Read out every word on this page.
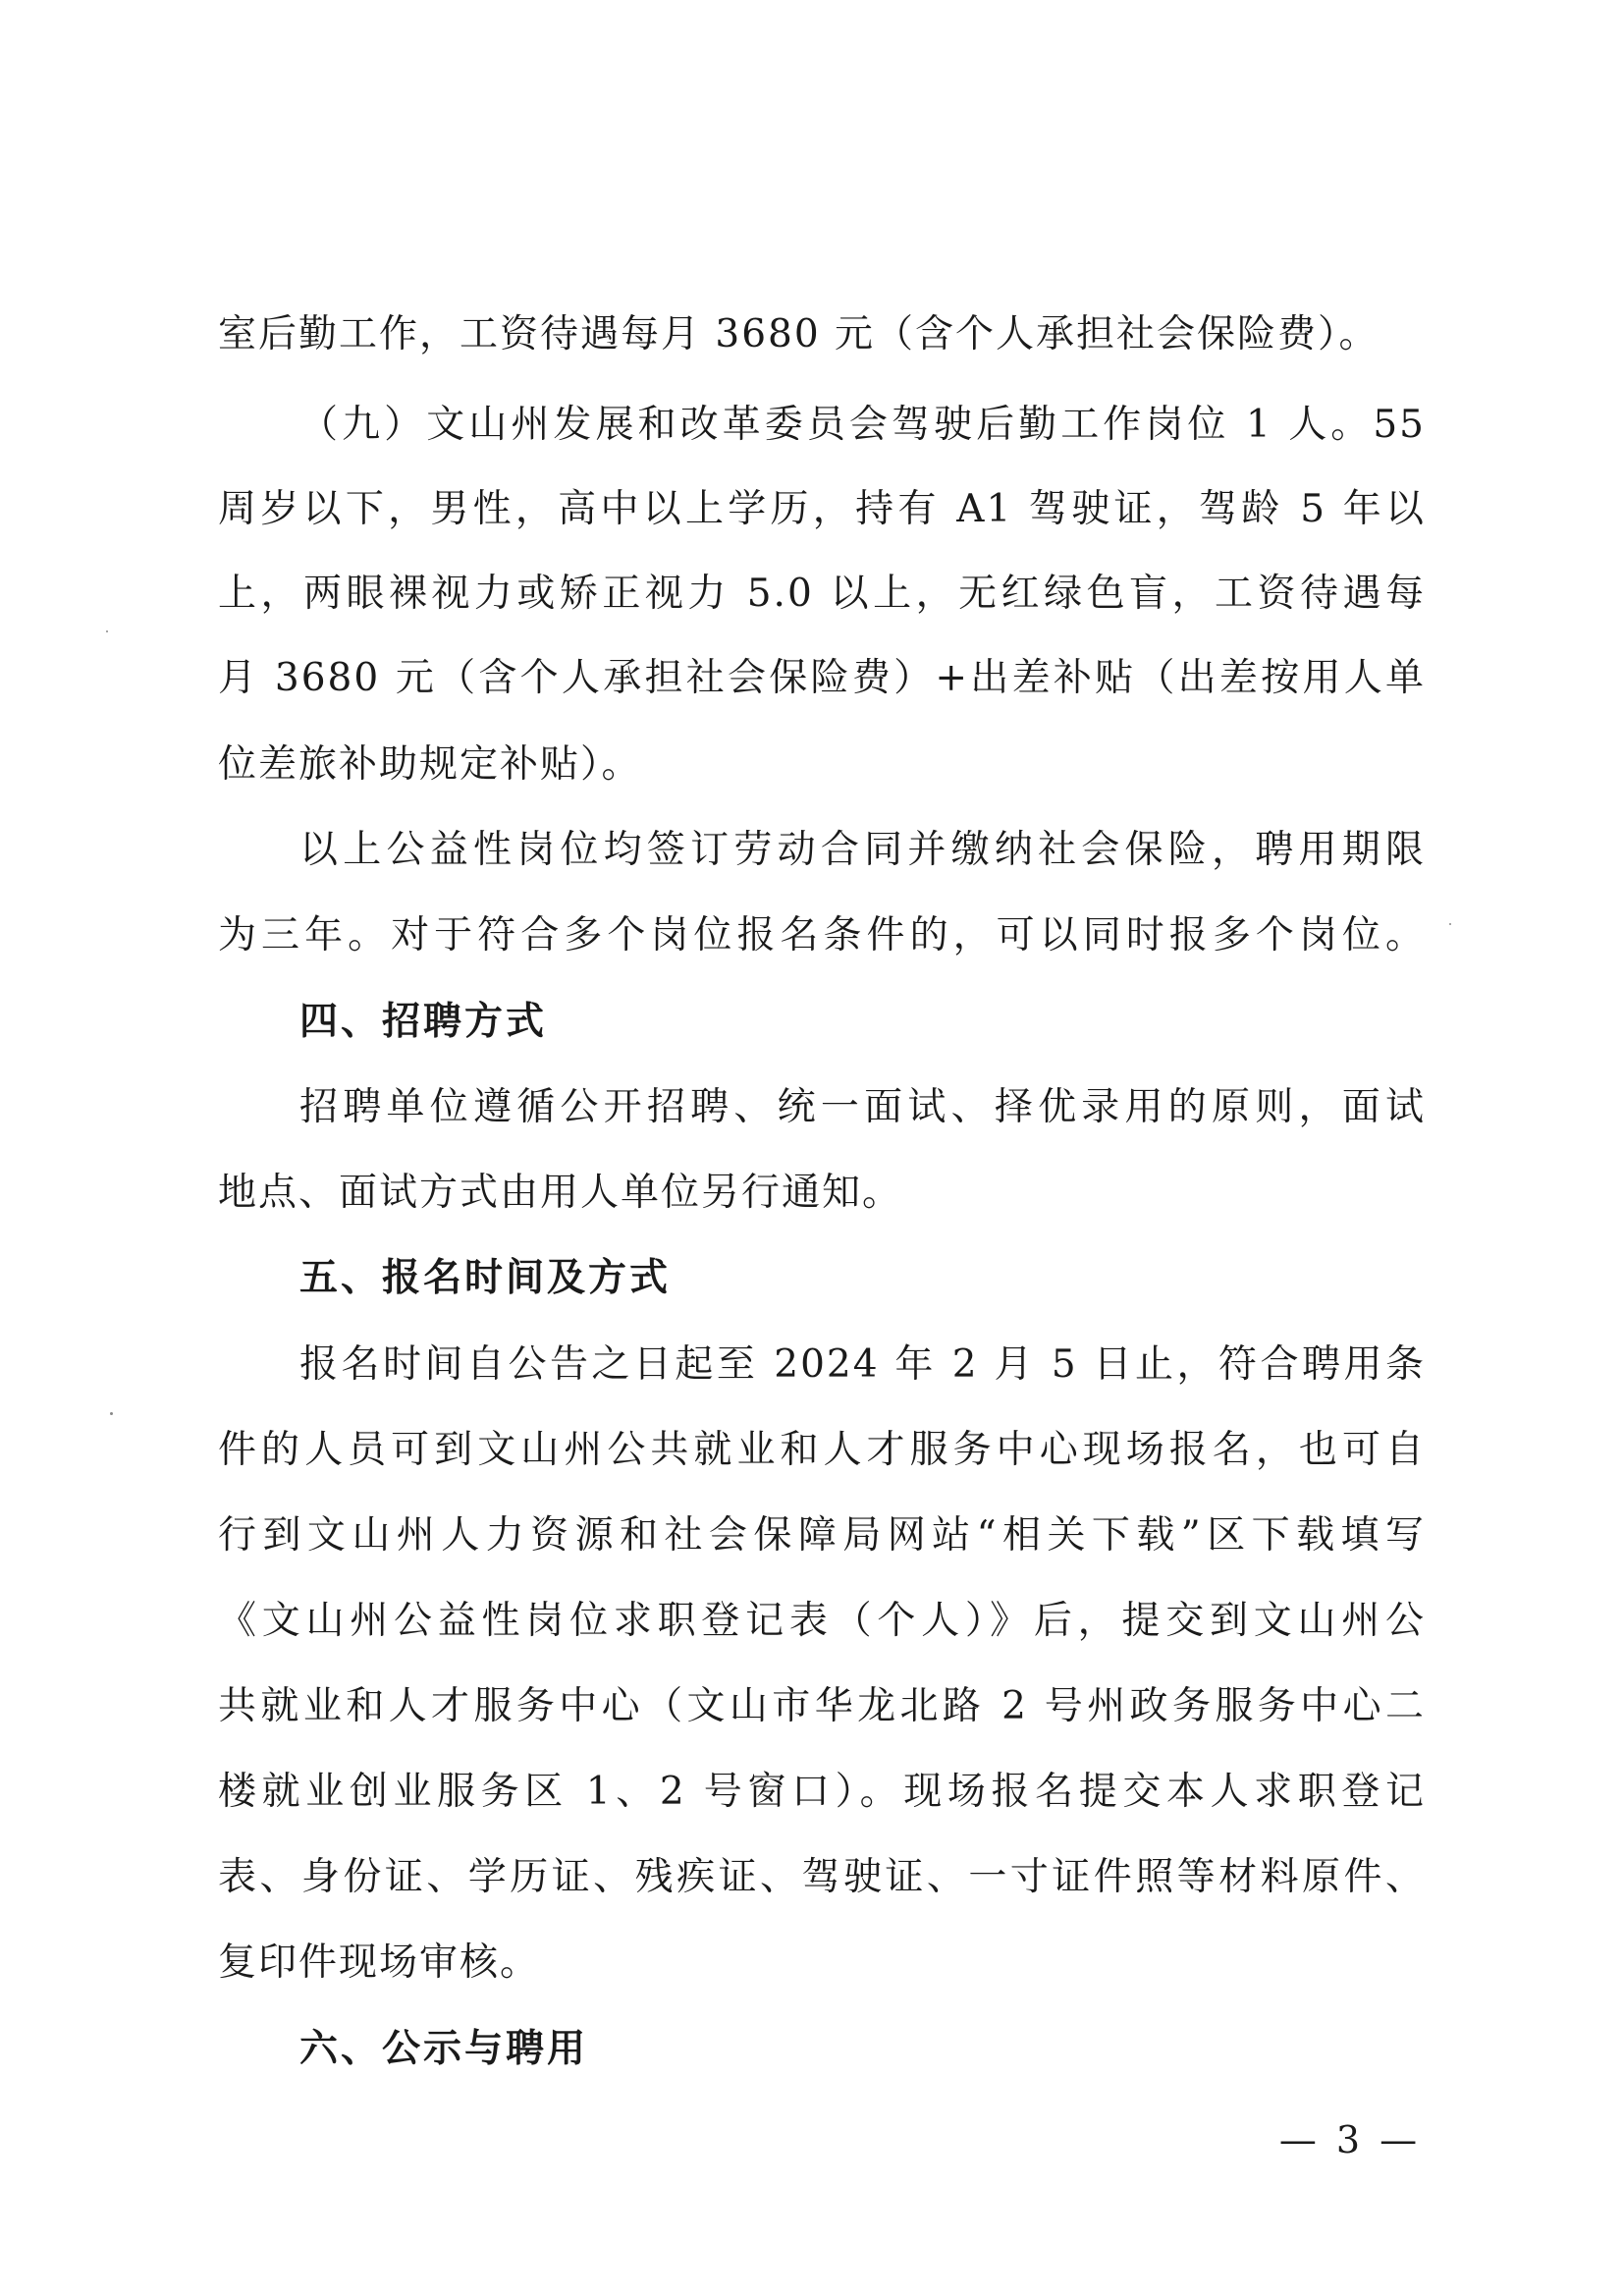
室后勤工作，工资待遇每月 3680 元（含个人承担社会保险费）。
（九）文山州发展和改革委员会驾驶后勤工作岗位 1 人。55
周岁以下，男性，高中以上学历，持有 A1 驾驶证，驾龄 5 年以
上，两眼裸视力或矫正视力 5.0 以上，无红绿色盲，工资待遇每
月 3680 元（含个人承担社会保险费）+出差补贴（出差按用人单
位差旅补助规定补贴）。
以上公益性岗位均签订劳动合同并缴纳社会保险，聘用期限
为三年。对于符合多个岗位报名条件的，可以同时报多个岗位。
四、招聘方式
招聘单位遵循公开招聘、统一面试、择优录用的原则，面试
地点、面试方式由用人单位另行通知。
五、报名时间及方式
报名时间自公告之日起至 2024 年 2 月 5 日止，符合聘用条
件的人员可到文山州公共就业和人才服务中心现场报名，也可自
行到文山州人力资源和社会保障局网站“相关下载”区下载填写
《文山州公益性岗位求职登记表（个人）》后，提交到文山州公
共就业和人才服务中心（文山市华龙北路 2 号州政务服务中心二
楼就业创业服务区 1、2 号窗口）。现场报名提交本人求职登记
表、身份证、学历证、残疾证、驾驶证、一寸证件照等材料原件、
复印件现场审核。
六、公示与聘用
— 3 —
